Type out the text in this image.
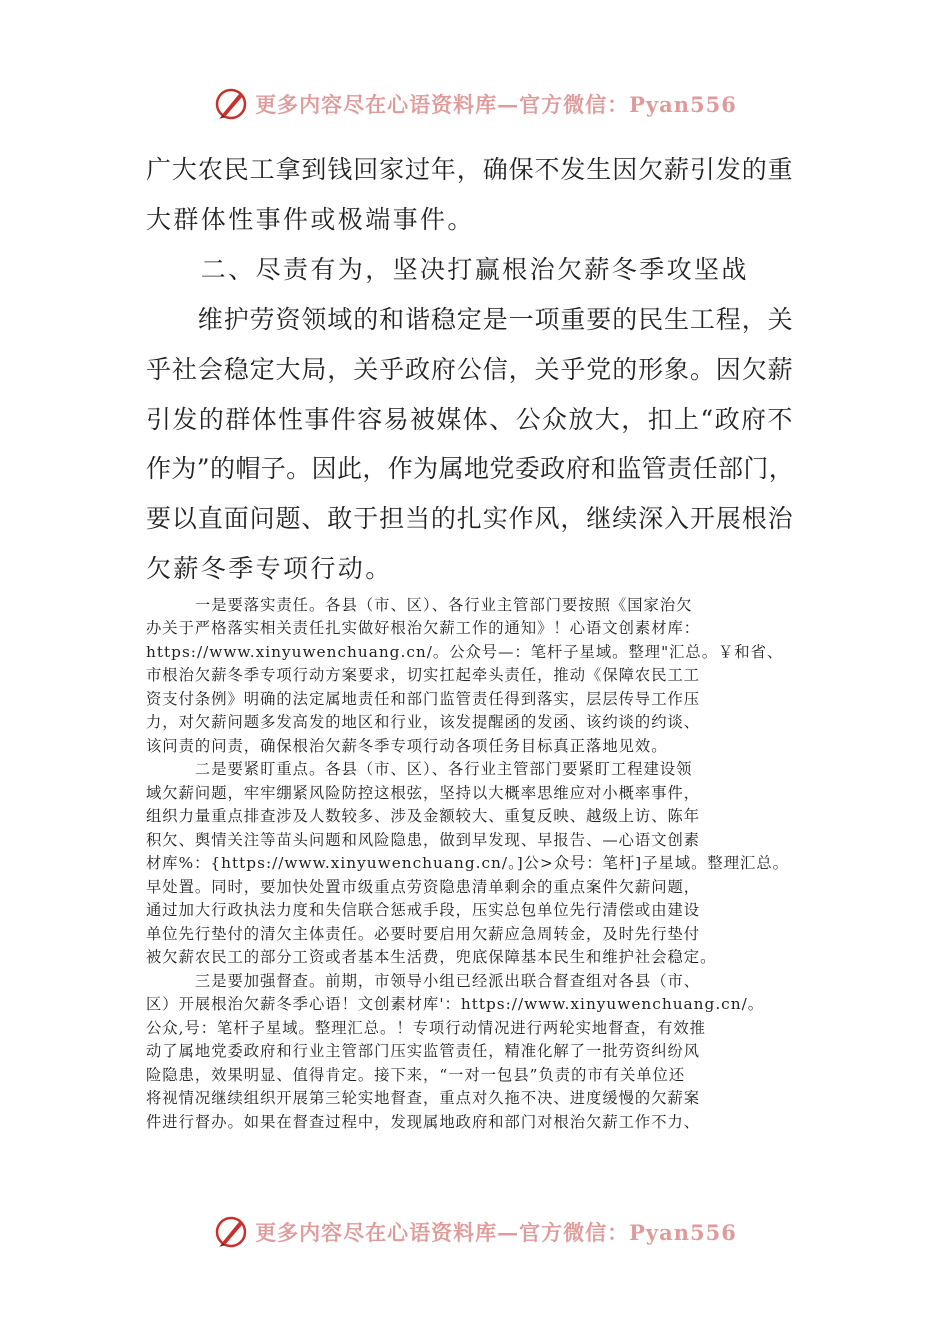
更多内容尽在心语资料库—官方微信：Pyan556
广大农民工拿到钱回家过年，确保不发生因欠薪引发的重
大群体性事件或极端事件。
　　二、尽责有为，坚决打赢根治欠薪冬季攻坚战
　　维护劳资领域的和谐稳定是一项重要的民生工程，关
乎社会稳定大局，关乎政府公信，关乎党的形象。因欠薪
引发的群体性事件容易被媒体、公众放大，扣上“政府不
作为”的帽子。因此，作为属地党委政府和监管责任部门，
要以直面问题、敢于担当的扎实作风，继续深入开展根治
欠薪冬季专项行动。
　　　一是要落实责任。各县（市、区）、各行业主管部门要按照《国家治欠
办关于严格落实相关责任扎实做好根治欠薪工作的通知》！心语文创素材库：
https://www.xinyuwenchuang.cn/。公众号—：笔杆子星域。整理"汇总。￥和省、
市根治欠薪冬季专项行动方案要求，切实扛起牵头责任，推动《保障农民工工
资支付条例》明确的法定属地责任和部门监管责任得到落实，层层传导工作压
力，对欠薪问题多发高发的地区和行业，该发提醒函的发函、该约谈的约谈、
该问责的问责，确保根治欠薪冬季专项行动各项任务目标真正落地见效。
　　　二是要紧盯重点。各县（市、区）、各行业主管部门要紧盯工程建设领
域欠薪问题，牢牢绷紧风险防控这根弦，坚持以大概率思维应对小概率事件，
组织力量重点排查涉及人数较多、涉及金额较大、重复反映、越级上访、陈年
积欠、舆情关注等苗头问题和风险隐患，做到早发现、早报告、—心语文创素
材库%：{https://www.xinyuwenchuang.cn/。]公>众号：笔杆]子星域。整理汇总。
早处置。同时，要加快处置市级重点劳资隐患清单剩余的重点案件欠薪问题，
通过加大行政执法力度和失信联合惩戒手段，压实总包单位先行清偿或由建设
单位先行垫付的清欠主体责任。必要时要启用欠薪应急周转金，及时先行垫付
被欠薪农民工的部分工资或者基本生活费，兜底保障基本民生和维护社会稳定。
　　　三是要加强督查。前期，市领导小组已经派出联合督查组对各县（市、
区）开展根治欠薪冬季心语！文创素材库'：https://www.xinyuwenchuang.cn/。
公众,号：笔杆子星域。整理汇总。！专项行动情况进行两轮实地督查，有效推
动了属地党委政府和行业主管部门压实监管责任，精准化解了一批劳资纠纷风
险隐患，效果明显、值得肯定。接下来，“一对一包县”负责的市有关单位还
将视情况继续组织开展第三轮实地督查，重点对久拖不决、进度缓慢的欠薪案
件进行督办。如果在督查过程中，发现属地政府和部门对根治欠薪工作不力、
更多内容尽在心语资料库—官方微信：Pyan556
